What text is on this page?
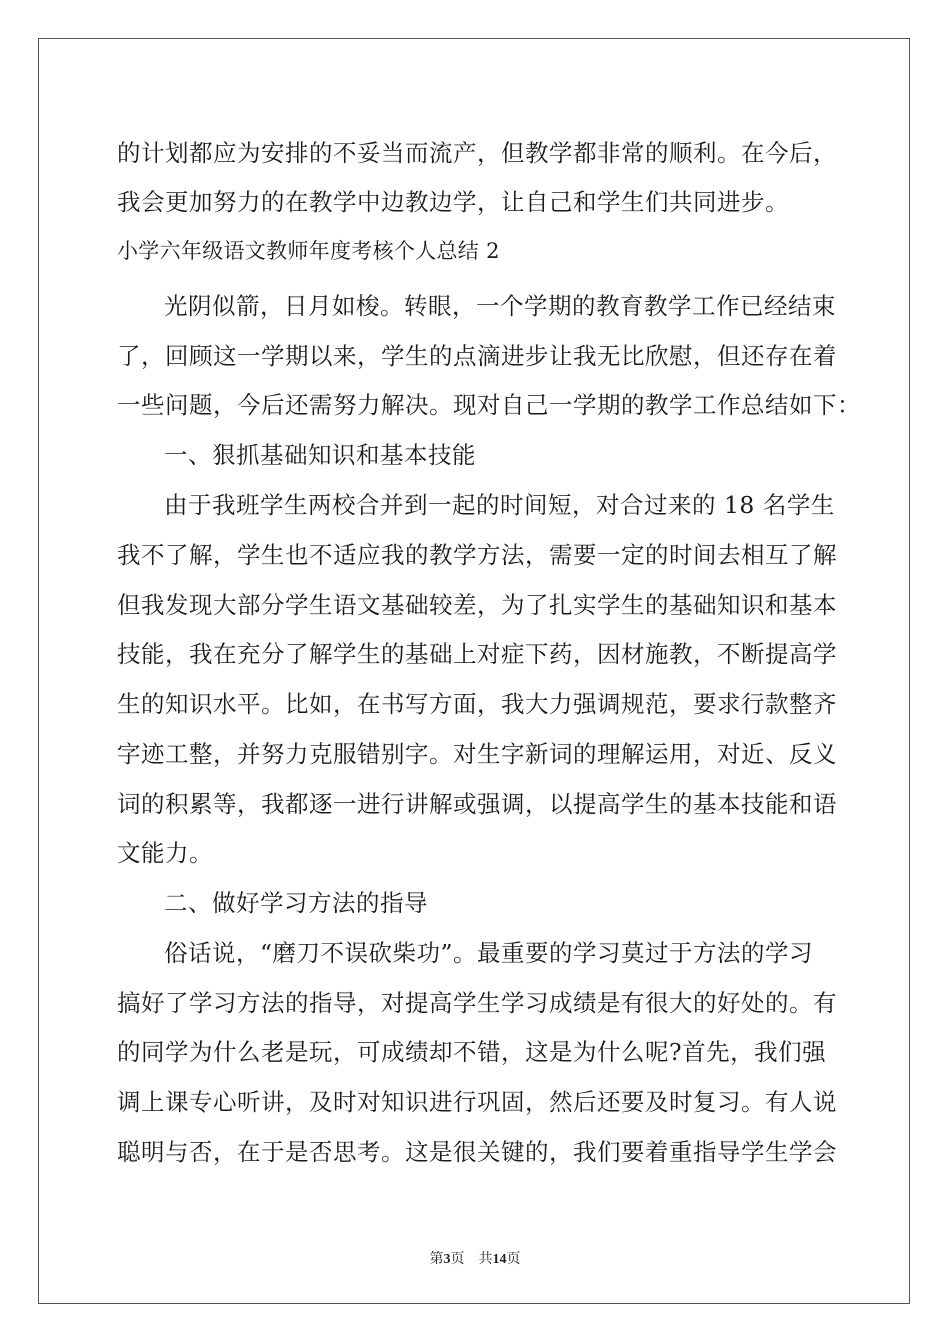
的计划都应为安排的不妥当而流产，但教学都非常的顺利。在今后，
我会更加努力的在教学中边教边学，让自己和学生们共同进步。
小学六年级语文教师年度考核个人总结 2
光阴似箭，日月如梭。转眼，一个学期的教育教学工作已经结束
了，回顾这一学期以来，学生的点滴进步让我无比欣慰，但还存在着
一些问题，今后还需努力解决。现对自己一学期的教学工作总结如下：
一、狠抓基础知识和基本技能
由于我班学生两校合并到一起的时间短，对合过来的 18 名学生
我不了解，学生也不适应我的教学方法，需要一定的时间去相互了解
但我发现大部分学生语文基础较差，为了扎实学生的基础知识和基本
技能，我在充分了解学生的基础上对症下药，因材施教，不断提高学
生的知识水平。比如，在书写方面，我大力强调规范，要求行款整齐
字迹工整，并努力克服错别字。对生字新词的理解运用，对近、反义
词的积累等，我都逐一进行讲解或强调，以提高学生的基本技能和语
文能力。
二、做好学习方法的指导
俗话说，“磨刀不误砍柴功”。最重要的学习莫过于方法的学习
搞好了学习方法的指导，对提高学生学习成绩是有很大的好处的。有
的同学为什么老是玩，可成绩却不错，这是为什么呢?首先，我们强
调上课专心听讲，及时对知识进行巩固，然后还要及时复习。有人说
聪明与否，在于是否思考。这是很关键的，我们要着重指导学生学会
第3页 共14页
